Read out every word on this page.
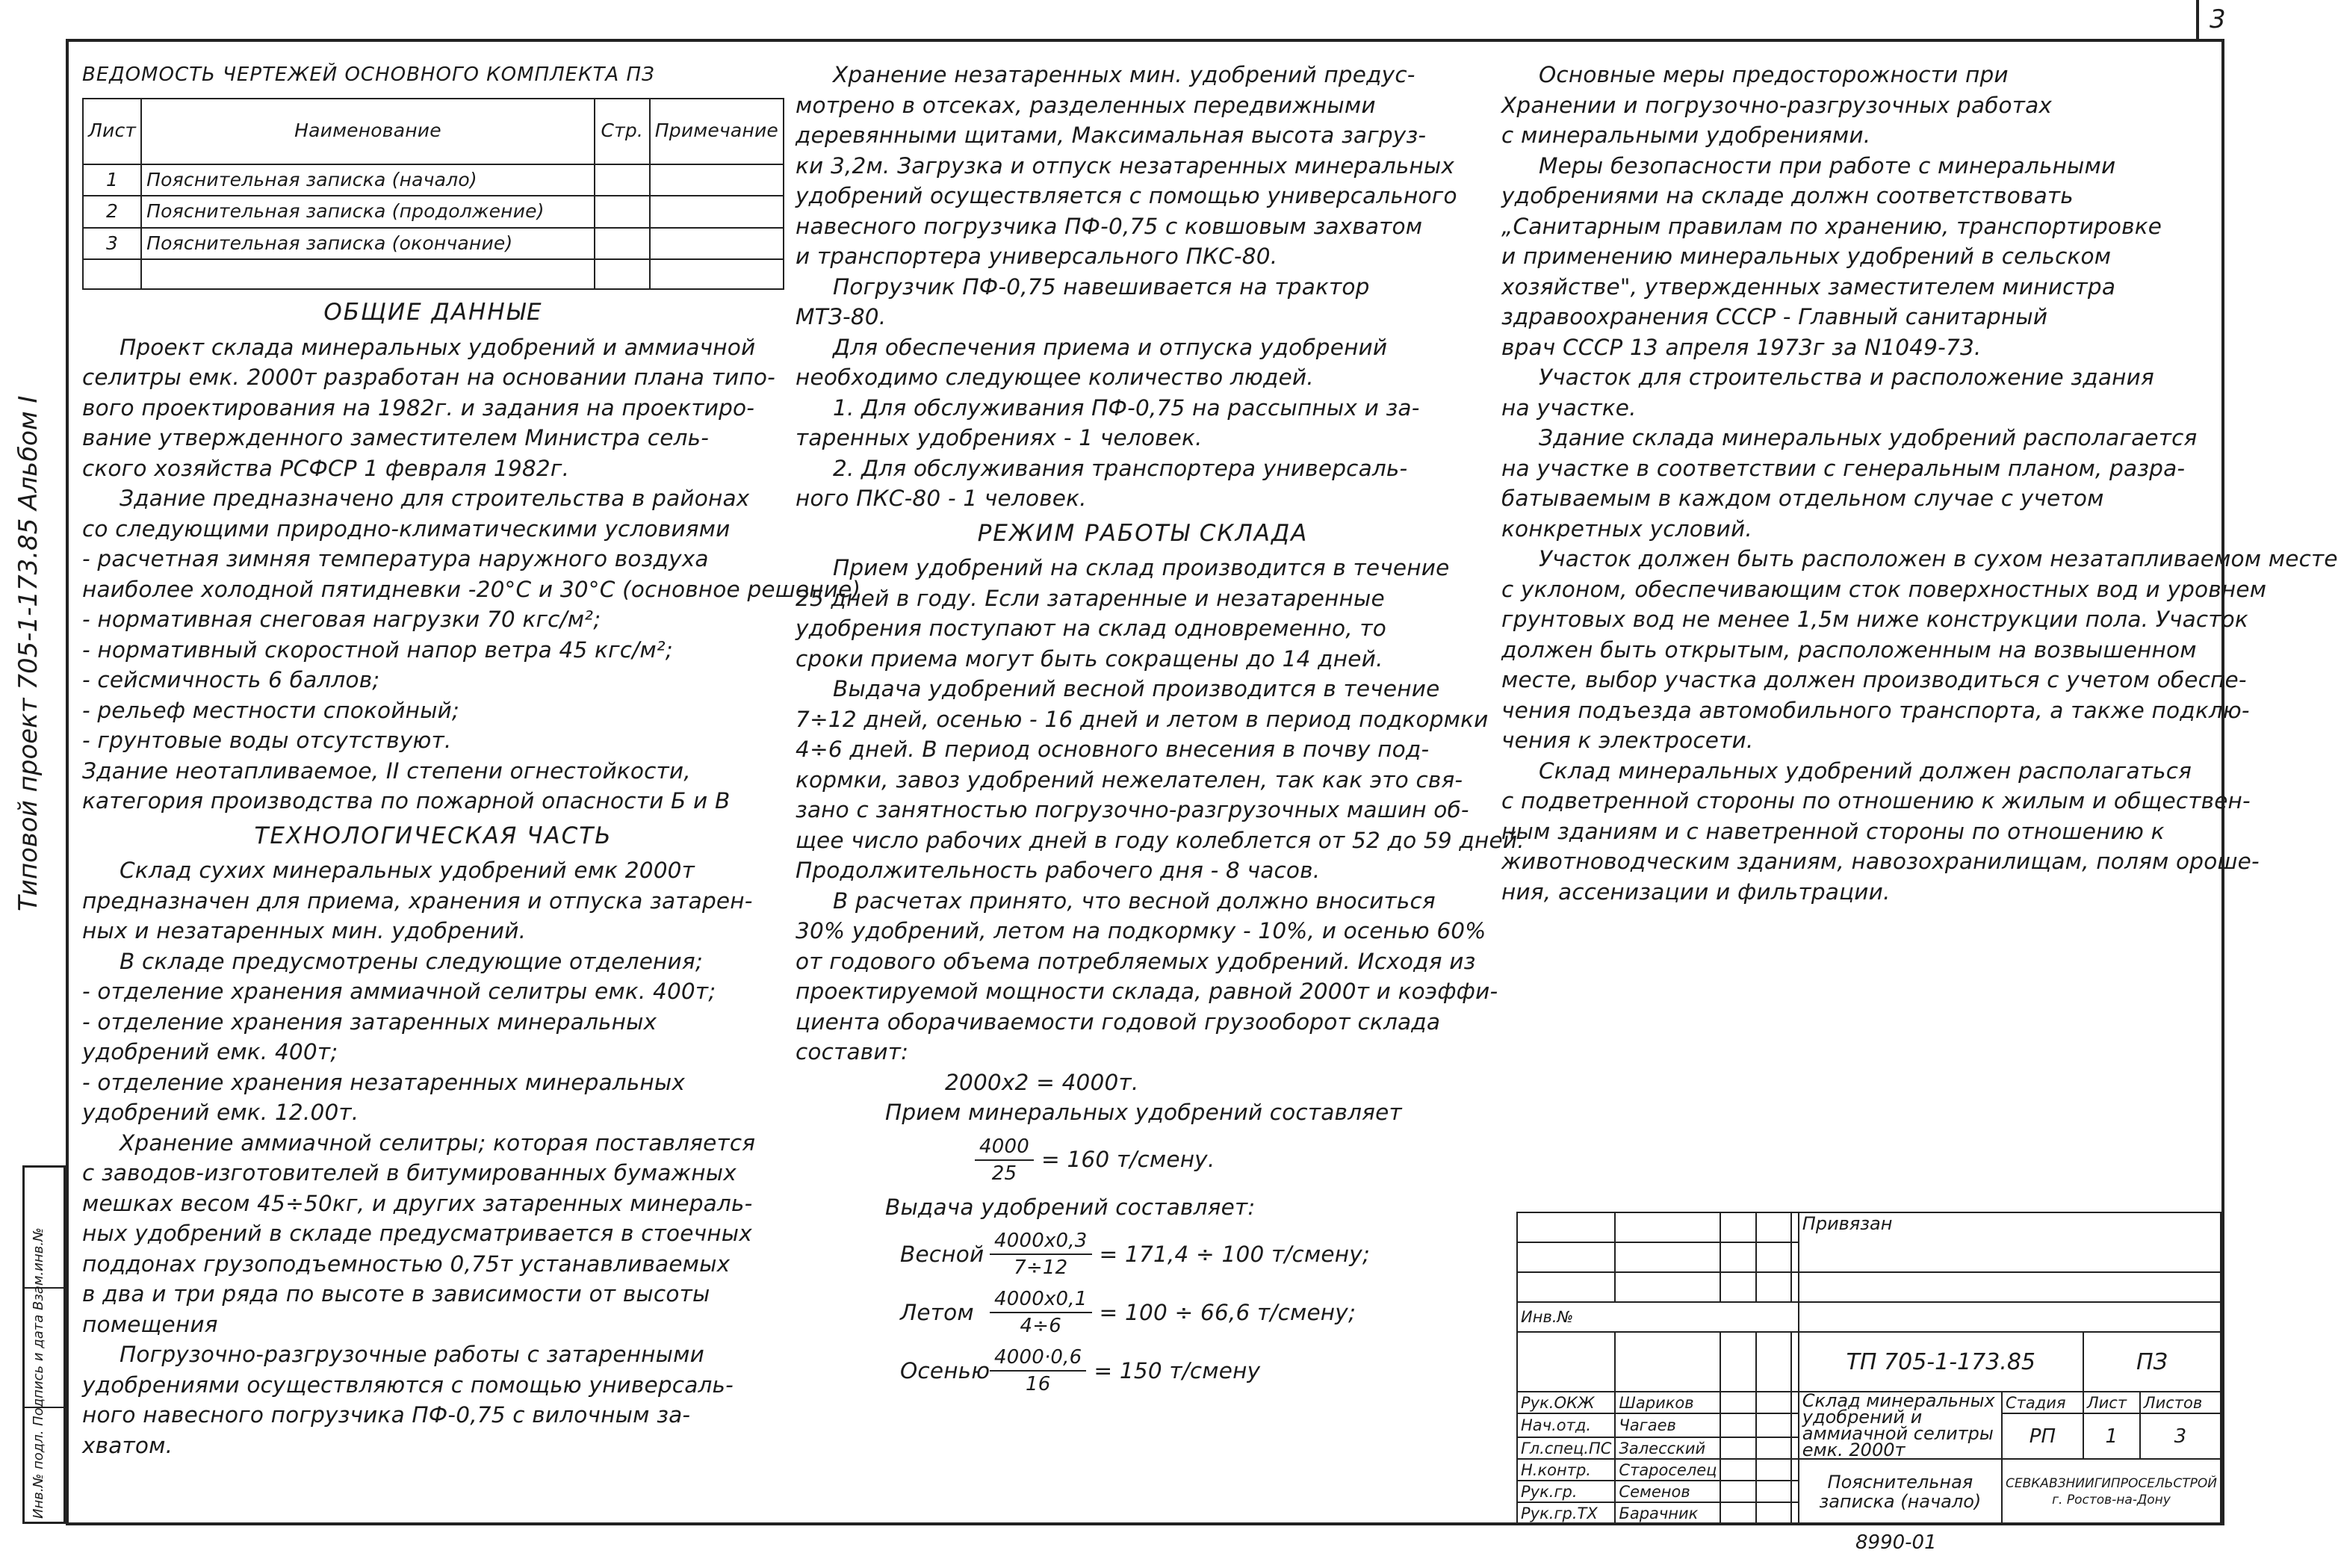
3
Типовой проект 705-1-173.85 Альбом I
Инв.№ подл. Подпись и дата Взам.инв.№

ВЕДОМОСТЬ ЧЕРТЕЖЕЙ ОСНОВНОГО КОМПЛЕКТА ПЗ

Лист	Наименование	Стр.	Примечание
1	Пояснительная записка (начало)		
2	Пояснительная записка (продолжение)		
3	Пояснительная записка (окончание)		

ОБЩИЕ ДАННЫЕ

Проект склада минеральных удобрений и аммиачной

селитры емк. 2000т разработан на основании плана типо-

вого проектирования на 1982г. и задания на проектиро-

вание утвержденного заместителем Министра сель-

ского хозяйства РСФСР 1 февраля 1982г.

Здание предназначено для строительства в районах

со следующими природно-климатическими условиями

- расчетная зимняя температура наружного воздуха

наиболее холодной пятидневки -20°С и 30°С (основное решение)

- нормативная снеговая нагрузки 70 кгс/м²;

- нормативный скоростной напор ветра 45 кгс/м²;

- сейсмичность 6 баллов;

- рельеф местности спокойный;

- грунтовые воды отсутствуют.

Здание неотапливаемое, II степени огнестойкости,

категория производства по пожарной опасности Б и В

ТЕХНОЛОГИЧЕСКАЯ ЧАСТЬ

Склад сухих минеральных удобрений емк 2000т

предназначен для приема, хранения и отпуска затарен-

ных и незатаренных мин. удобрений.

В складе предусмотрены следующие отделения;

- отделение хранения аммиачной селитры емк. 400т;

- отделение хранения затаренных минеральных

удобрений емк. 400т;

- отделение хранения незатаренных минеральных

удобрений емк. 12.00т.

Хранение аммиачной селитры; которая поставляется

с заводов-изготовителей в битумированных бумажных

мешках весом 45÷50кг, и других затаренных минераль-

ных удобрений в складе предусматривается в стоечных

поддонах грузоподъемностью 0,75т устанавливаемых

в два и три ряда по высоте в зависимости от высоты

помещения

Погрузочно-разгрузочные работы с затаренными

удобрениями осуществляются с помощью универсаль-

ного навесного погрузчика ПФ-0,75 с вилочным за-

хватом.

Хранение незатаренных мин. удобрений предус-

мотрено в отсеках, разделенных передвижными

деревянными щитами, Максимальная высота загруз-

ки 3,2м. Загрузка и отпуск незатаренных минеральных

удобрений осуществляется с помощью универсального

навесного погрузчика ПФ-0,75 с ковшовым захватом

и транспортера универсального ПКС-80.

Погрузчик ПФ-0,75 навешивается на трактор

МТЗ-80.

Для обеспечения приема и отпуска удобрений

необходимо следующее количество людей.

1. Для обслуживания ПФ-0,75 на рассыпных и за-

таренных удобрениях - 1 человек.

2. Для обслуживания транспортера универсаль-

ного ПКС-80 - 1 человек.

РЕЖИМ РАБОТЫ СКЛАДА

Прием удобрений на склад производится в течение

25 дней в году. Если затаренные и незатаренные

удобрения поступают на склад одновременно, то

сроки приема могут быть сокращены до 14 дней.

Выдача удобрений весной производится в течение

7÷12 дней, осенью - 16 дней и летом в период подкормки

4÷6 дней. В период основного внесения в почву под-

кормки, завоз удобрений нежелателен, так как это свя-

зано с занятностью погрузочно-разгрузочных машин об-

щее число рабочих дней в году колеблется от 52 до 59 дней.

Продолжительность рабочего дня - 8 часов.

В расчетах принято, что весной должно вноситься

30% удобрений, летом на подкормку - 10%, и осенью 60%

от годового объема потребляемых удобрений. Исходя из

проектируемой мощности склада, равной 2000т и коэффи-

циента оборачиваемости годовой грузооборот склада

составит:

2000х2 = 4000т.

Прием минеральных удобрений составляет

$\frac{4000}{25} = 160$ т/смену.

Выдача удобрений составляет:

Весной $\frac{4000х0,3}{7\div 12} = 171,4 \div 100$ т/смену;
Летом $\frac{4000х0,1}{4\div 6} = 100 \div 66,6$ т/смену;
Осенью $\frac{4000\cdot 0,6}{16} = 150$ т/смену

Основные меры предосторожности при

Хранении и погрузочно-разгрузочных работах

с минеральными удобрениями.

Меры безопасности при работе с минеральными

удобрениями на складе должн соответствовать

„Санитарным правилам по хранению, транспортировке

и применению минеральных удобрений в сельском

хозяйстве", утвержденных заместителем министра

здравоохранения СССР - Главный санитарный

врач СССР 13 апреля 1973г за N1049-73.

Участок для строительства и расположение здания

на участке.

Здание склада минеральных удобрений располагается

на участке в соответствии с генеральным планом, разра-

батываемым в каждом отдельном случае с учетом

конкретных условий.

Участок должен быть расположен в сухом незатапливаемом месте

с уклоном, обеспечивающим сток поверхностных вод и уровнем

грунтовых вод не менее 1,5м ниже конструкции пола. Участок

должен быть открытым, расположенным на возвышенном

месте, выбор участка должен производиться с учетом обеспе-

чения подъезда автомобильного транспорта, а также подклю-

чения к электросети.

Склад минеральных удобрений должен располагаться

с подветренной стороны по отношению к жилым и обществен-

ным зданиям и с наветренной стороны по отношению к

животноводческим зданиям, навозохранилищам, полям ороше-

ния, ассенизации и фильтрации.

					Привязан			

Инв.№								
					ТП 705-1-173.85		ПЗ	
Рук.ОКЖ	Шариков				Склад минеральных удобрений и аммиачной селитры емк. 2000т	Стадия	Лист	Листов
Нач.отд.	Чагаев					РП	1	3
Гл.спец.ПС	Залесский							
Н.контр.	Староселец				Пояснительная записка (начало)	СЕВКАВЗНИИГИПРОСЕЛЬСТРОЙ г. Ростов-на-Дону		
Рук.гр.	Семенов							
Рук.гр.ТХ	Барачник							
8990-01
